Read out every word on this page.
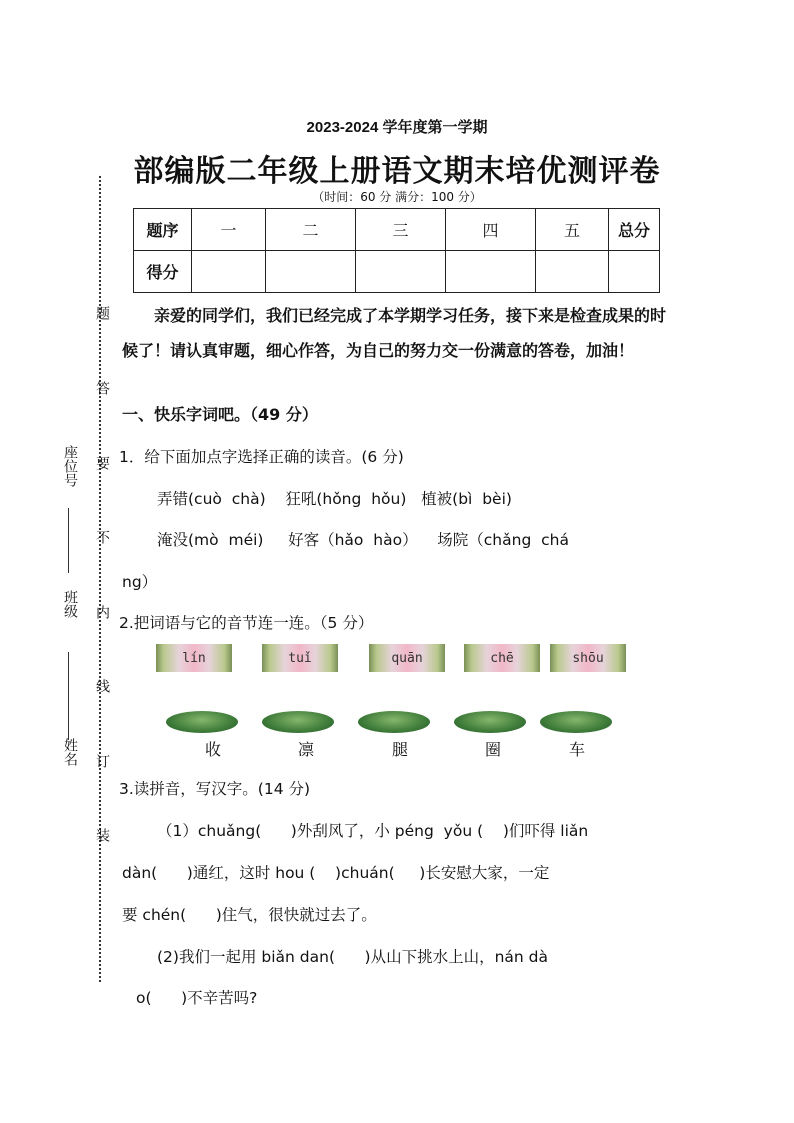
座位号
班级
姓名
装
订
线
内
不
要
答
题
2023-2024 学年度第一学期
部编版二年级上册语文期末培优测评卷
（时间：60 分 满分：100 分）
题序	一	二	三	四	五	总分
得分						
亲爱的同学们，我们已经完成了本学期学习任务，接下来是检查成果的时候了！请认真审题，细心作答，为自己的努力交一份满意的答卷，加油！
一、快乐字词吧。（49 分）
1．给下面加点字选择正确的读音。(6 分)
弄错(cuò  chà)    狂吼(hǒng  hǒu)   植被(bì  bèi)
淹没(mò  méi)     好客（hǎo  hào）    场院（chǎng  chá
ng）
2.把词语与它的音节连一连。（5 分）
lín	tuǐ	quān	chē	shōu
收	凛	腿	圈	车
3.读拼音，写汉字。(14 分)
（1）chuǎng(      )外刮风了，小 péng  yǒu (    )们吓得 liǎn
dàn(      )通红，这时 hou (    )chuán(     )长安慰大家，一定
要 chén(      )住气，很快就过去了。
(2)我们一起用 biǎn dan(      )从山下挑水上山，nán dà
o(      )不辛苦吗?
